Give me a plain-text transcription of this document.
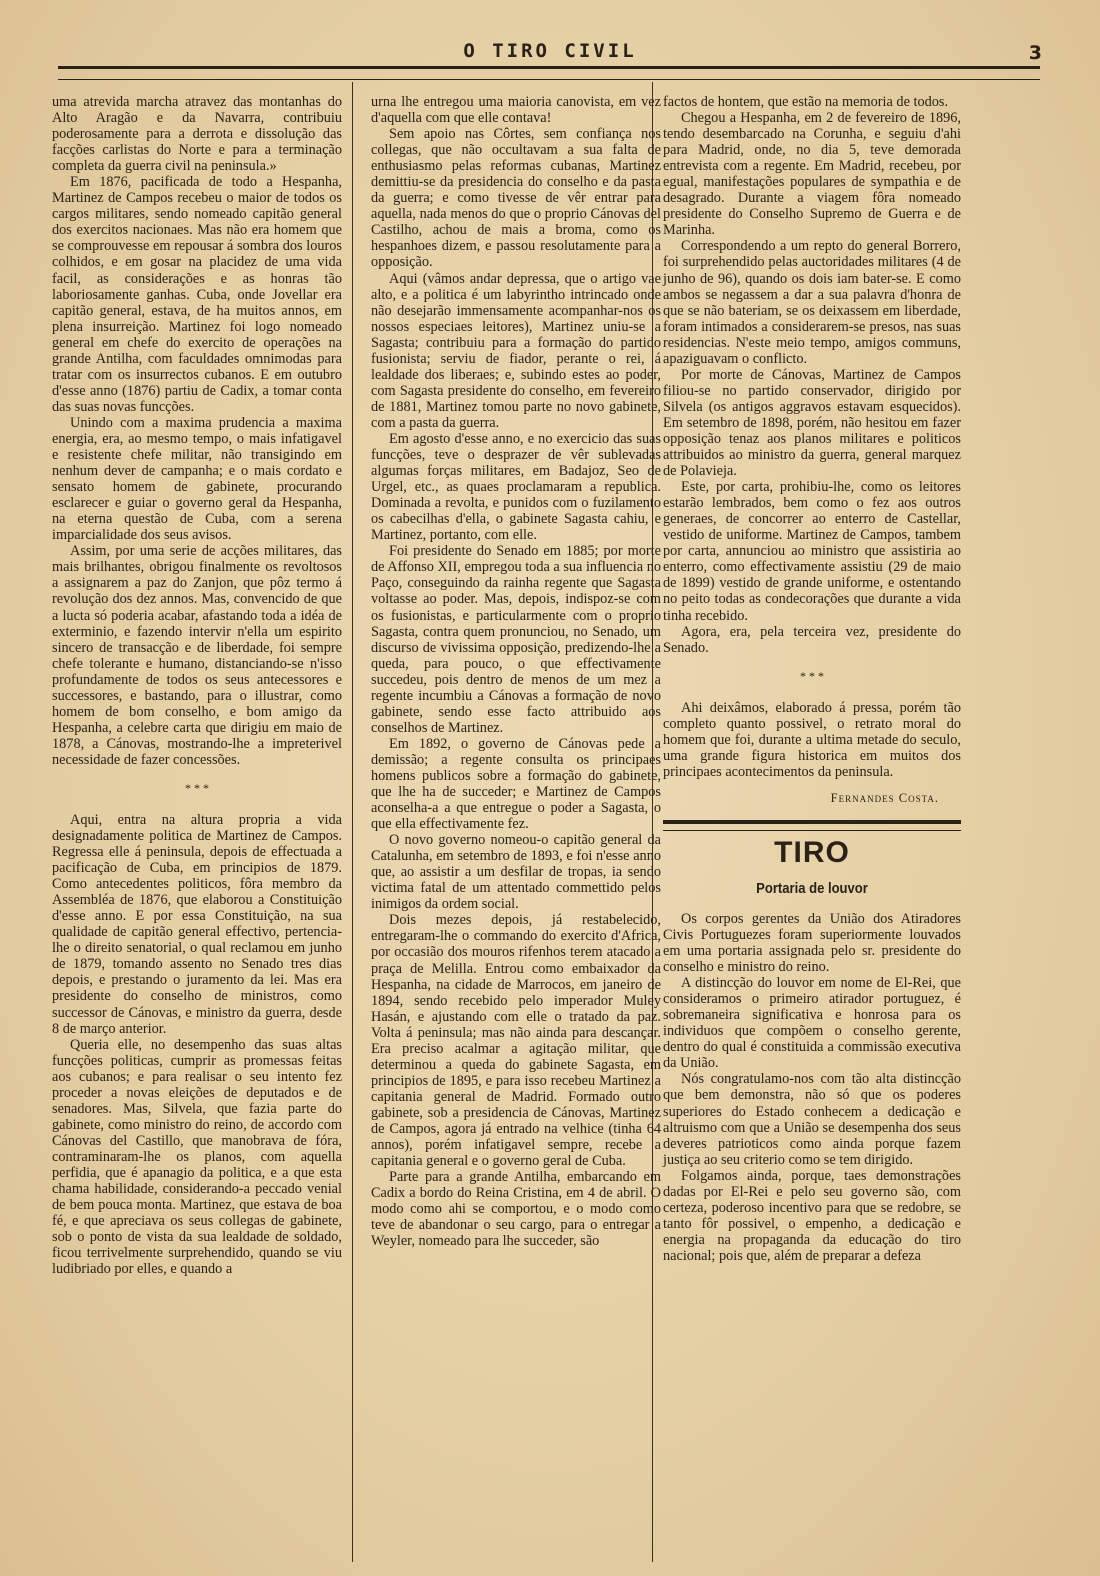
O TIRO CIVIL	3

uma atrevida marcha atravez das montanhas do Alto Aragão e da Navarra, contribuiu poderosamente para a derrota e dissolução das facções carlistas do Norte e para a terminação completa da guerra civil na peninsula.»

Em 1876, pacificada de todo a Hespanha, Martinez de Campos recebeu o maior de todos os cargos militares, sendo nomeado capitão general dos exercitos nacionaes. Mas não era homem que se comprouvesse em repousar á sombra dos louros colhidos, e em gosar na placidez de uma vida facil, as considerações e as honras tão laboriosamente ganhas. Cuba, onde Jovellar era capitão general, estava, de ha muitos annos, em plena insurreição. Martinez foi logo nomeado general em chefe do exercito de operações na grande Antilha, com faculdades omnimodas para tratar com os insurrectos cubanos. E em outubro d'esse anno (1876) partiu de Cadix, a tomar conta das suas novas funcções.

Unindo com a maxima prudencia a maxima energia, era, ao mesmo tempo, o mais infatigavel e resistente chefe militar, não transigindo em nenhum dever de campanha; e o mais cordato e sensato homem de gabinete, procurando esclarecer e guiar o governo geral da Hespanha, na eterna questão de Cuba, com a serena imparcialidade dos seus avisos.

Assim, por uma serie de acções militares, das mais brilhantes, obrigou finalmente os revoltosos a assignarem a paz do Zanjon, que pôz termo á revolução dos dez annos. Mas, convencido de que a lucta só poderia acabar, afastando toda a idéa de exterminio, e fazendo intervir n'ella um espirito sincero de transacção e de liberdade, foi sempre chefe tolerante e humano, distanciando-se n'isso profundamente de todos os seus antecessores e successores, e bastando, para o illustrar, como homem de bom conselho, e bom amigo da Hespanha, a celebre carta que dirigiu em maio de 1878, a Cánovas, mostrando-lhe a impreterivel necessidade de fazer concessões.

* * *

Aqui, entra na altura propria a vida designadamente politica de Martinez de Campos. Regressa elle á peninsula, depois de effectuada a pacificação de Cuba, em principios de 1879. Como antecedentes politicos, fôra membro da Assembléa de 1876, que elaborou a Constituição d'esse anno. E por essa Constituição, na sua qualidade de capitão general effectivo, pertencia-lhe o direito senatorial, o qual reclamou em junho de 1879, tomando assento no Senado tres dias depois, e prestando o juramento da lei. Mas era presidente do conselho de ministros, como successor de Cánovas, e ministro da guerra, desde 8 de março anterior.

Queria elle, no desempenho das suas altas funcções politicas, cumprir as promessas feitas aos cubanos; e para realisar o seu intento fez proceder a novas eleições de deputados e de senadores. Mas, Silvela, que fazia parte do gabinete, como ministro do reino, de accordo com Cánovas del Castillo, que manobrava de fóra, contraminaram-lhe os planos, com aquella perfidia, que é apanagio da politica, e a que esta chama habilidade, considerando-a peccado venial de bem pouca monta. Martinez, que estava de boa fé, e que apreciava os seus collegas de gabinete, sob o ponto de vista da sua lealdade de soldado, ficou terrivelmente surprehendido, quando se viu ludibriado por elles, e quando a

urna lhe entregou uma maioria canovista, em vez d'aquella com que elle contava!

Sem apoio nas Côrtes, sem confiança nos collegas, que não occultavam a sua falta de enthusiasmo pelas reformas cubanas, Martinez demittiu-se da presidencia do conselho e da pasta da guerra; e como tivesse de vêr entrar para aquella, nada menos do que o proprio Cánovas del Castilho, achou de mais a broma, como os hespanhoes dizem, e passou resolutamente para a opposição.

Aqui (vâmos andar depressa, que o artigo vae alto, e a politica é um labyrintho intrincado onde não desejarão immensamente acompanhar-nos os nossos especiaes leitores), Martinez uniu-se a Sagasta; contribuiu para a formação do partido fusionista; serviu de fiador, perante o rei, á lealdade dos liberaes; e, subindo estes ao poder, com Sagasta presidente do conselho, em fevereiro de 1881, Martinez tomou parte no novo gabinete, com a pasta da guerra.

Em agosto d'esse anno, e no exercicio das suas funcções, teve o desprazer de vêr sublevadas algumas forças militares, em Badajoz, Seo de Urgel, etc., as quaes proclamaram a republica. Dominada a revolta, e punidos com o fuzilamento os cabecilhas d'ella, o gabinete Sagasta cahiu, e Martinez, portanto, com elle.

Foi presidente do Senado em 1885; por morte de Affonso XII, empregou toda a sua influencia no Paço, conseguindo da rainha regente que Sagasta voltasse ao poder. Mas, depois, indispoz-se com os fusionistas, e particularmente com o proprio Sagasta, contra quem pronunciou, no Senado, um discurso de vivissima opposição, predizendo-lhe a queda, para pouco, o que effectivamente succedeu, pois dentro de menos de um mez a regente incumbiu a Cánovas a formação de novo gabinete, sendo esse facto attribuido aos conselhos de Martinez.

Em 1892, o governo de Cánovas pede a demissão; a regente consulta os principaes homens publicos sobre a formação do gabinete, que lhe ha de succeder; e Martinez de Campos aconselha-a a que entregue o poder a Sagasta, o que ella effectivamente fez.

O novo governo nomeou-o capitão general da Catalunha, em setembro de 1893, e foi n'esse anno que, ao assistir a um desfilar de tropas, ia sendo victima fatal de um attentado commettido pelos inimigos da ordem social.

Dois mezes depois, já restabelecido, entregaram-lhe o commando do exercito d'Africa, por occasião dos mouros rifenhos terem atacado a praça de Melilla. Entrou como embaixador da Hespanha, na cidade de Marrocos, em janeiro de 1894, sendo recebido pelo imperador Muley Hasán, e ajustando com elle o tratado da paz. Volta á peninsula; mas não ainda para descançar. Era preciso acalmar a agitação militar, que determinou a queda do gabinete Sagasta, em principios de 1895, e para isso recebeu Martinez a capitania general de Madrid. Formado outro gabinete, sob a presidencia de Cánovas, Martinez de Campos, agora já entrado na velhice (tinha 64 annos), porém infatigavel sempre, recebe a capitania general e o governo geral de Cuba.

Parte para a grande Antilha, embarcando em Cadix a bordo do Reina Cristina, em 4 de abril. O modo como ahi se comportou, e o modo como teve de abandonar o seu cargo, para o entregar a Weyler, nomeado para lhe succeder, são

factos de hontem, que estão na memoria de todos.

Chegou a Hespanha, em 2 de fevereiro de 1896, tendo desembarcado na Corunha, e seguiu d'ahi para Madrid, onde, no dia 5, teve demorada entrevista com a regente. Em Madrid, recebeu, por egual, manifestações populares de sympathia e de desagrado. Durante a viagem fôra nomeado presidente do Conselho Supremo de Guerra e de Marinha.

Correspondendo a um repto do general Borrero, foi surprehendido pelas auctoridades militares (4 de junho de 96), quando os dois iam bater-se. E como ambos se negassem a dar a sua palavra d'honra de que se não bateriam, se os deixassem em liberdade, foram intimados a considerarem-se presos, nas suas residencias. N'este meio tempo, amigos communs, apaziguavam o conflicto.

Por morte de Cánovas, Martinez de Campos filiou-se no partido conservador, dirigido por Silvela (os antigos aggravos estavam esquecidos). Em setembro de 1898, porém, não hesitou em fazer opposição tenaz aos planos militares e politicos attribuidos ao ministro da guerra, general marquez de Polavieja.

Este, por carta, prohibiu-lhe, como os leitores estarão lembrados, bem como o fez aos outros generaes, de concorrer ao enterro de Castellar, vestido de uniforme. Martinez de Campos, tambem por carta, annunciou ao ministro que assistiria ao enterro, como effectivamente assistiu (29 de maio de 1899) vestido de grande uniforme, e ostentando no peito todas as condecorações que durante a vida tinha recebido.

Agora, era, pela terceira vez, presidente do Senado.

* * *

Ahi deixâmos, elaborado á pressa, porém tão completo quanto possivel, o retrato moral do homem que foi, durante a ultima metade do seculo, uma grande figura historica em muitos dos principaes acontecimentos da peninsula.

Fernandes Costa.
TIRO
Portaria de louvor

Os corpos gerentes da União dos Atiradores Civis Portuguezes foram superiormente louvados em uma portaria assignada pelo sr. presidente do conselho e ministro do reino.

A distincção do louvor em nome de El-Rei, que consideramos o primeiro atirador portuguez, é sobremaneira significativa e honrosa para os individuos que compõem o conselho gerente, dentro do qual é constituida a commissão executiva da União.

Nós congratulamo-nos com tão alta distincção que bem demonstra, não só que os poderes superiores do Estado conhecem a dedicação e altruismo com que a União se desempenha dos seus deveres patrioticos como ainda porque fazem justiça ao seu criterio como se tem dirigido.

Folgamos ainda, porque, taes demonstrações dadas por El-Rei e pelo seu governo são, com certeza, poderoso incentivo para que se redobre, se tanto fôr possivel, o empenho, a dedicação e energia na propaganda da educação do tiro nacional; pois que, além de preparar a defeza
